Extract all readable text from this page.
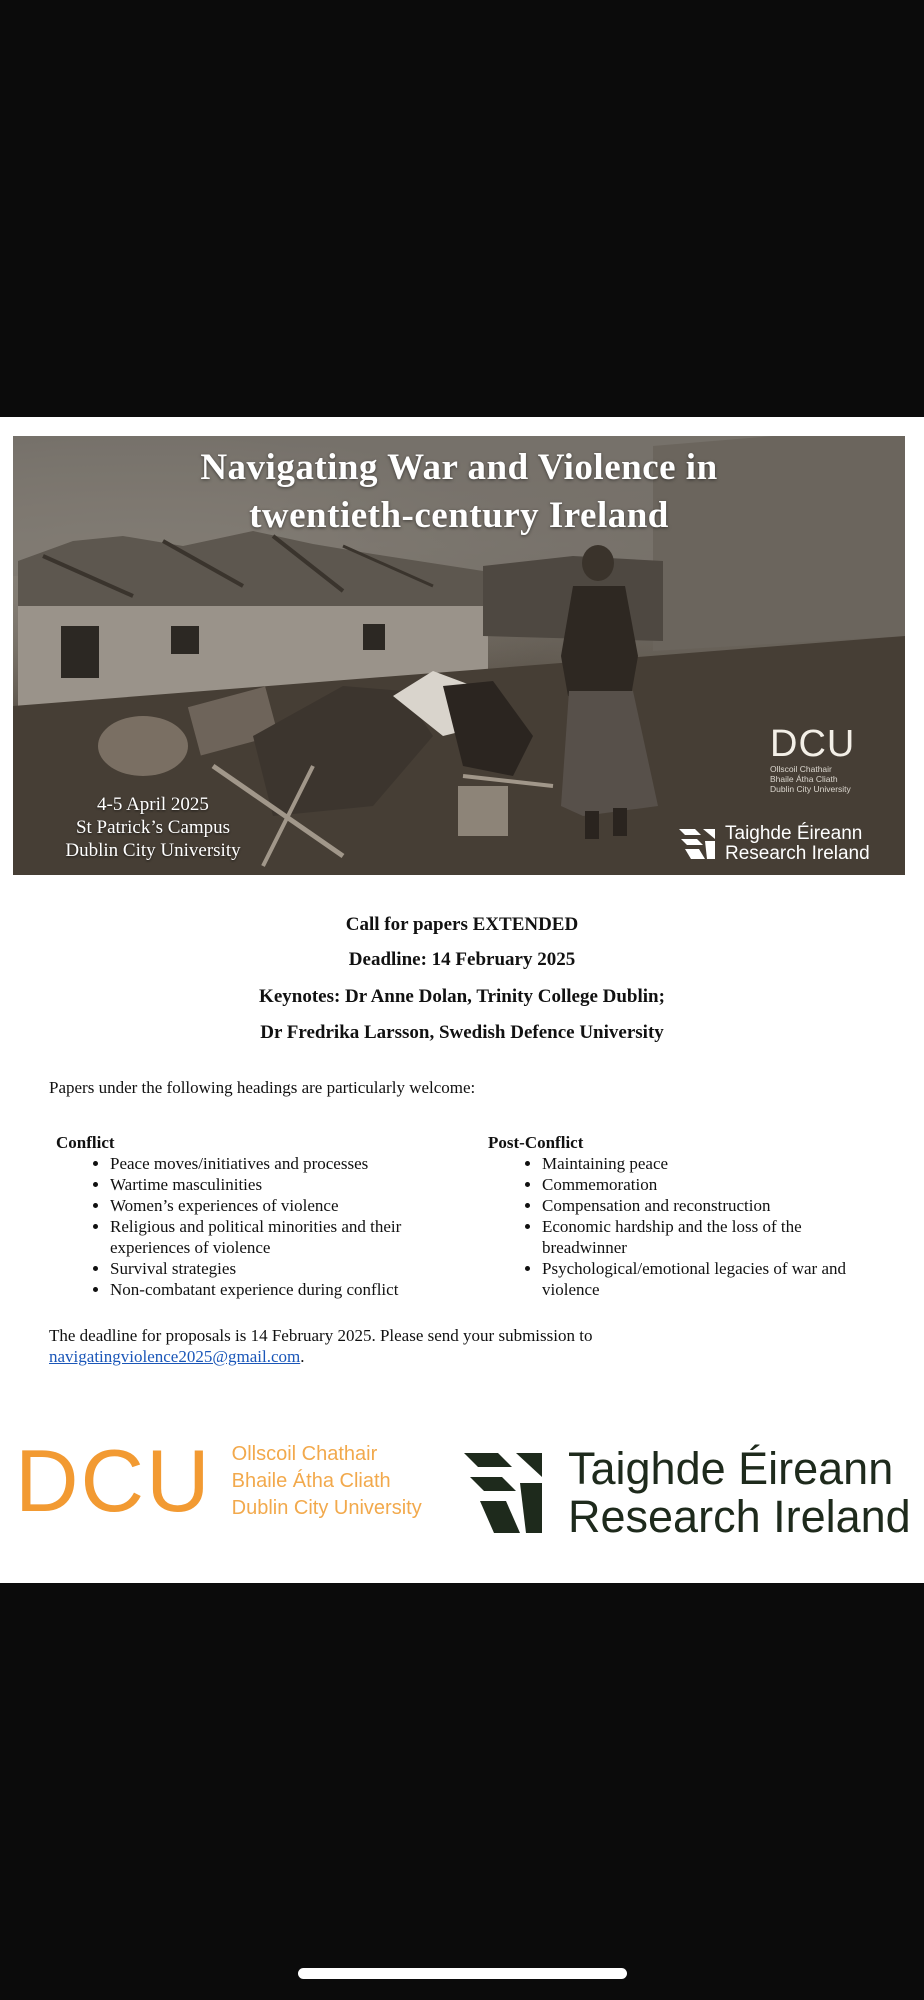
Navigating War and Violence in
twentieth-century Ireland
4-5 April 2025
St Patrick’s Campus
Dublin City University
DCU
Ollscoil Chathair
Bhaile Átha Cliath
Dublin City University
Taighde Éireann
Research Ireland
Call for papers EXTENDED
Deadline: 14 February 2025
Keynotes: Dr Anne Dolan, Trinity College Dublin;
Dr Fredrika Larsson, Swedish Defence University
Papers under the following headings are particularly welcome:
Conflict
• Peace moves/initiatives and processes
• Wartime masculinities
• Women’s experiences of violence
• Religious and political minorities and their experiences of violence
• Survival strategies
• Non-combatant experience during conflict
Post-Conflict
• Maintaining peace
• Commemoration
• Compensation and reconstruction
• Economic hardship and the loss of the breadwinner
• Psychological/emotional legacies of war and violence
The deadline for proposals is 14 February 2025. Please send your submission to
navigatingviolence2025@gmail.com.
DCU Ollscoil Chathair
Bhaile Átha Cliath
Dublin City University
Taighde Éireann
Research Ireland
